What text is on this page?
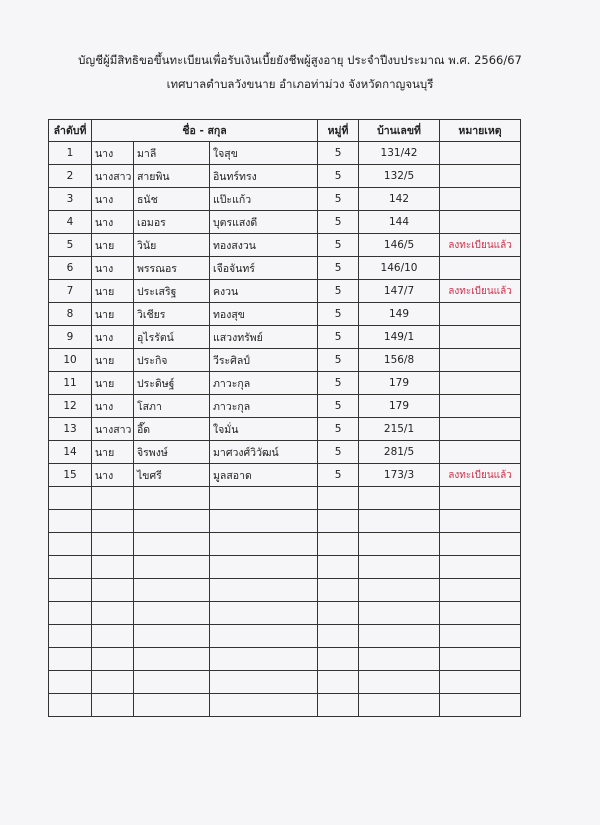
บัญชีผู้มีสิทธิขอขึ้นทะเบียนเพื่อรับเงินเบี้ยยังชีพผู้สูงอายุ ประจำปีงบประมาณ พ.ศ. 2566/67
เทศบาลตำบลวังขนาย อำเภอท่าม่วง จังหวัดกาญจนบุรี
ลำดับที่	ชื่อ - สกุล			หมู่ที่	บ้านเลขที่	หมายเหตุ
1	นาง	มาลี	ใจสุข	5	131/42	
2	นางสาว	สายพิน	อินทร์ทรง	5	132/5	
3	นาง	ธนัช	แป๊ะแก้ว	5	142	
4	นาง	เอมอร	บุตรแสงดี	5	144	
5	นาย	วินัย	ทองสงวน	5	146/5	ลงทะเบียนแล้ว
6	นาง	พรรณอร	เจือจันทร์	5	146/10	
7	นาย	ประเสริฐ	คงวน	5	147/7	ลงทะเบียนแล้ว
8	นาย	วิเชียร	ทองสุข	5	149	
9	นาง	อุไรรัตน์	แสวงทรัพย์	5	149/1	
10	นาย	ประกิจ	วีระศิลป์	5	156/8	
11	นาย	ประดิษฐ์	ภาวะกุล	5	179	
12	นาง	โสภา	ภาวะกุล	5	179	
13	นางสาว	อี๊ด	ใจมั่น	5	215/1	
14	นาย	จิรพงษ์	มาศวงศ์วิวัฒน์	5	281/5	
15	นาง	ไขศรี	มูลสอาด	5	173/3	ลงทะเบียนแล้ว
